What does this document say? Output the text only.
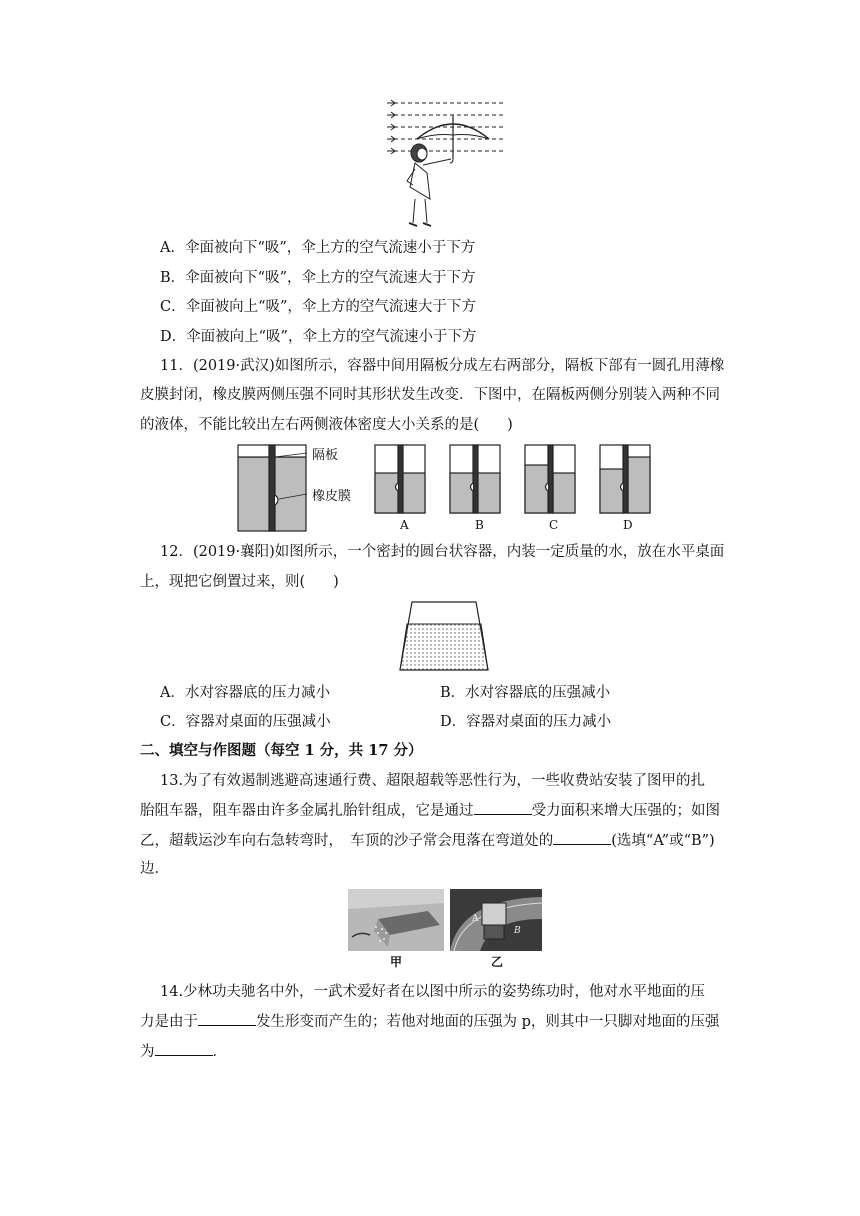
A．伞面被向下“吸”，伞上方的空气流速小于下方
B．伞面被向下“吸”，伞上方的空气流速大于下方
C．伞面被向上“吸”，伞上方的空气流速大于下方
D．伞面被向上“吸”，伞上方的空气流速小于下方
11．(2019·武汉)如图所示，容器中间用隔板分成左右两部分，隔板下部有一圆孔用薄橡
皮膜封闭，橡皮膜两侧压强不同时其形状发生改变．下图中，在隔板两侧分别装入两种不同
的液体，不能比较出左右两侧液体密度大小关系的是( )
隔板
橡皮膜
A	B	C	D
12．(2019·襄阳)如图所示，一个密封的圆台状容器，内装一定质量的水，放在水平桌面
上，现把它倒置过来，则( )
A．水对容器底的压力减小	B．水对容器底的压强减小
C．容器对桌面的压强减小	D．容器对桌面的压力减小
二、填空与作图题（每空 1 分，共 17 分）
13.为了有效遏制逃避高速通行费、超限超载等恶性行为，一些收费站安装了图甲的扎
胎阻车器，阻车器由许多金属扎胎针组成，它是通过	受力面积来增大压强的；如图
乙，超载运沙车向右急转弯时，　车顶的沙子常会甩落在弯道处的	(选填“A”或“B”)
边．
A
B
甲	乙
14.少林功夫驰名中外，一武术爱好者在以图中所示的姿势练功时，他对水平地面的压
力是由于	发生形变而产生的；若他对地面的压强为 p，则其中一只脚对地面的压强
为	．
